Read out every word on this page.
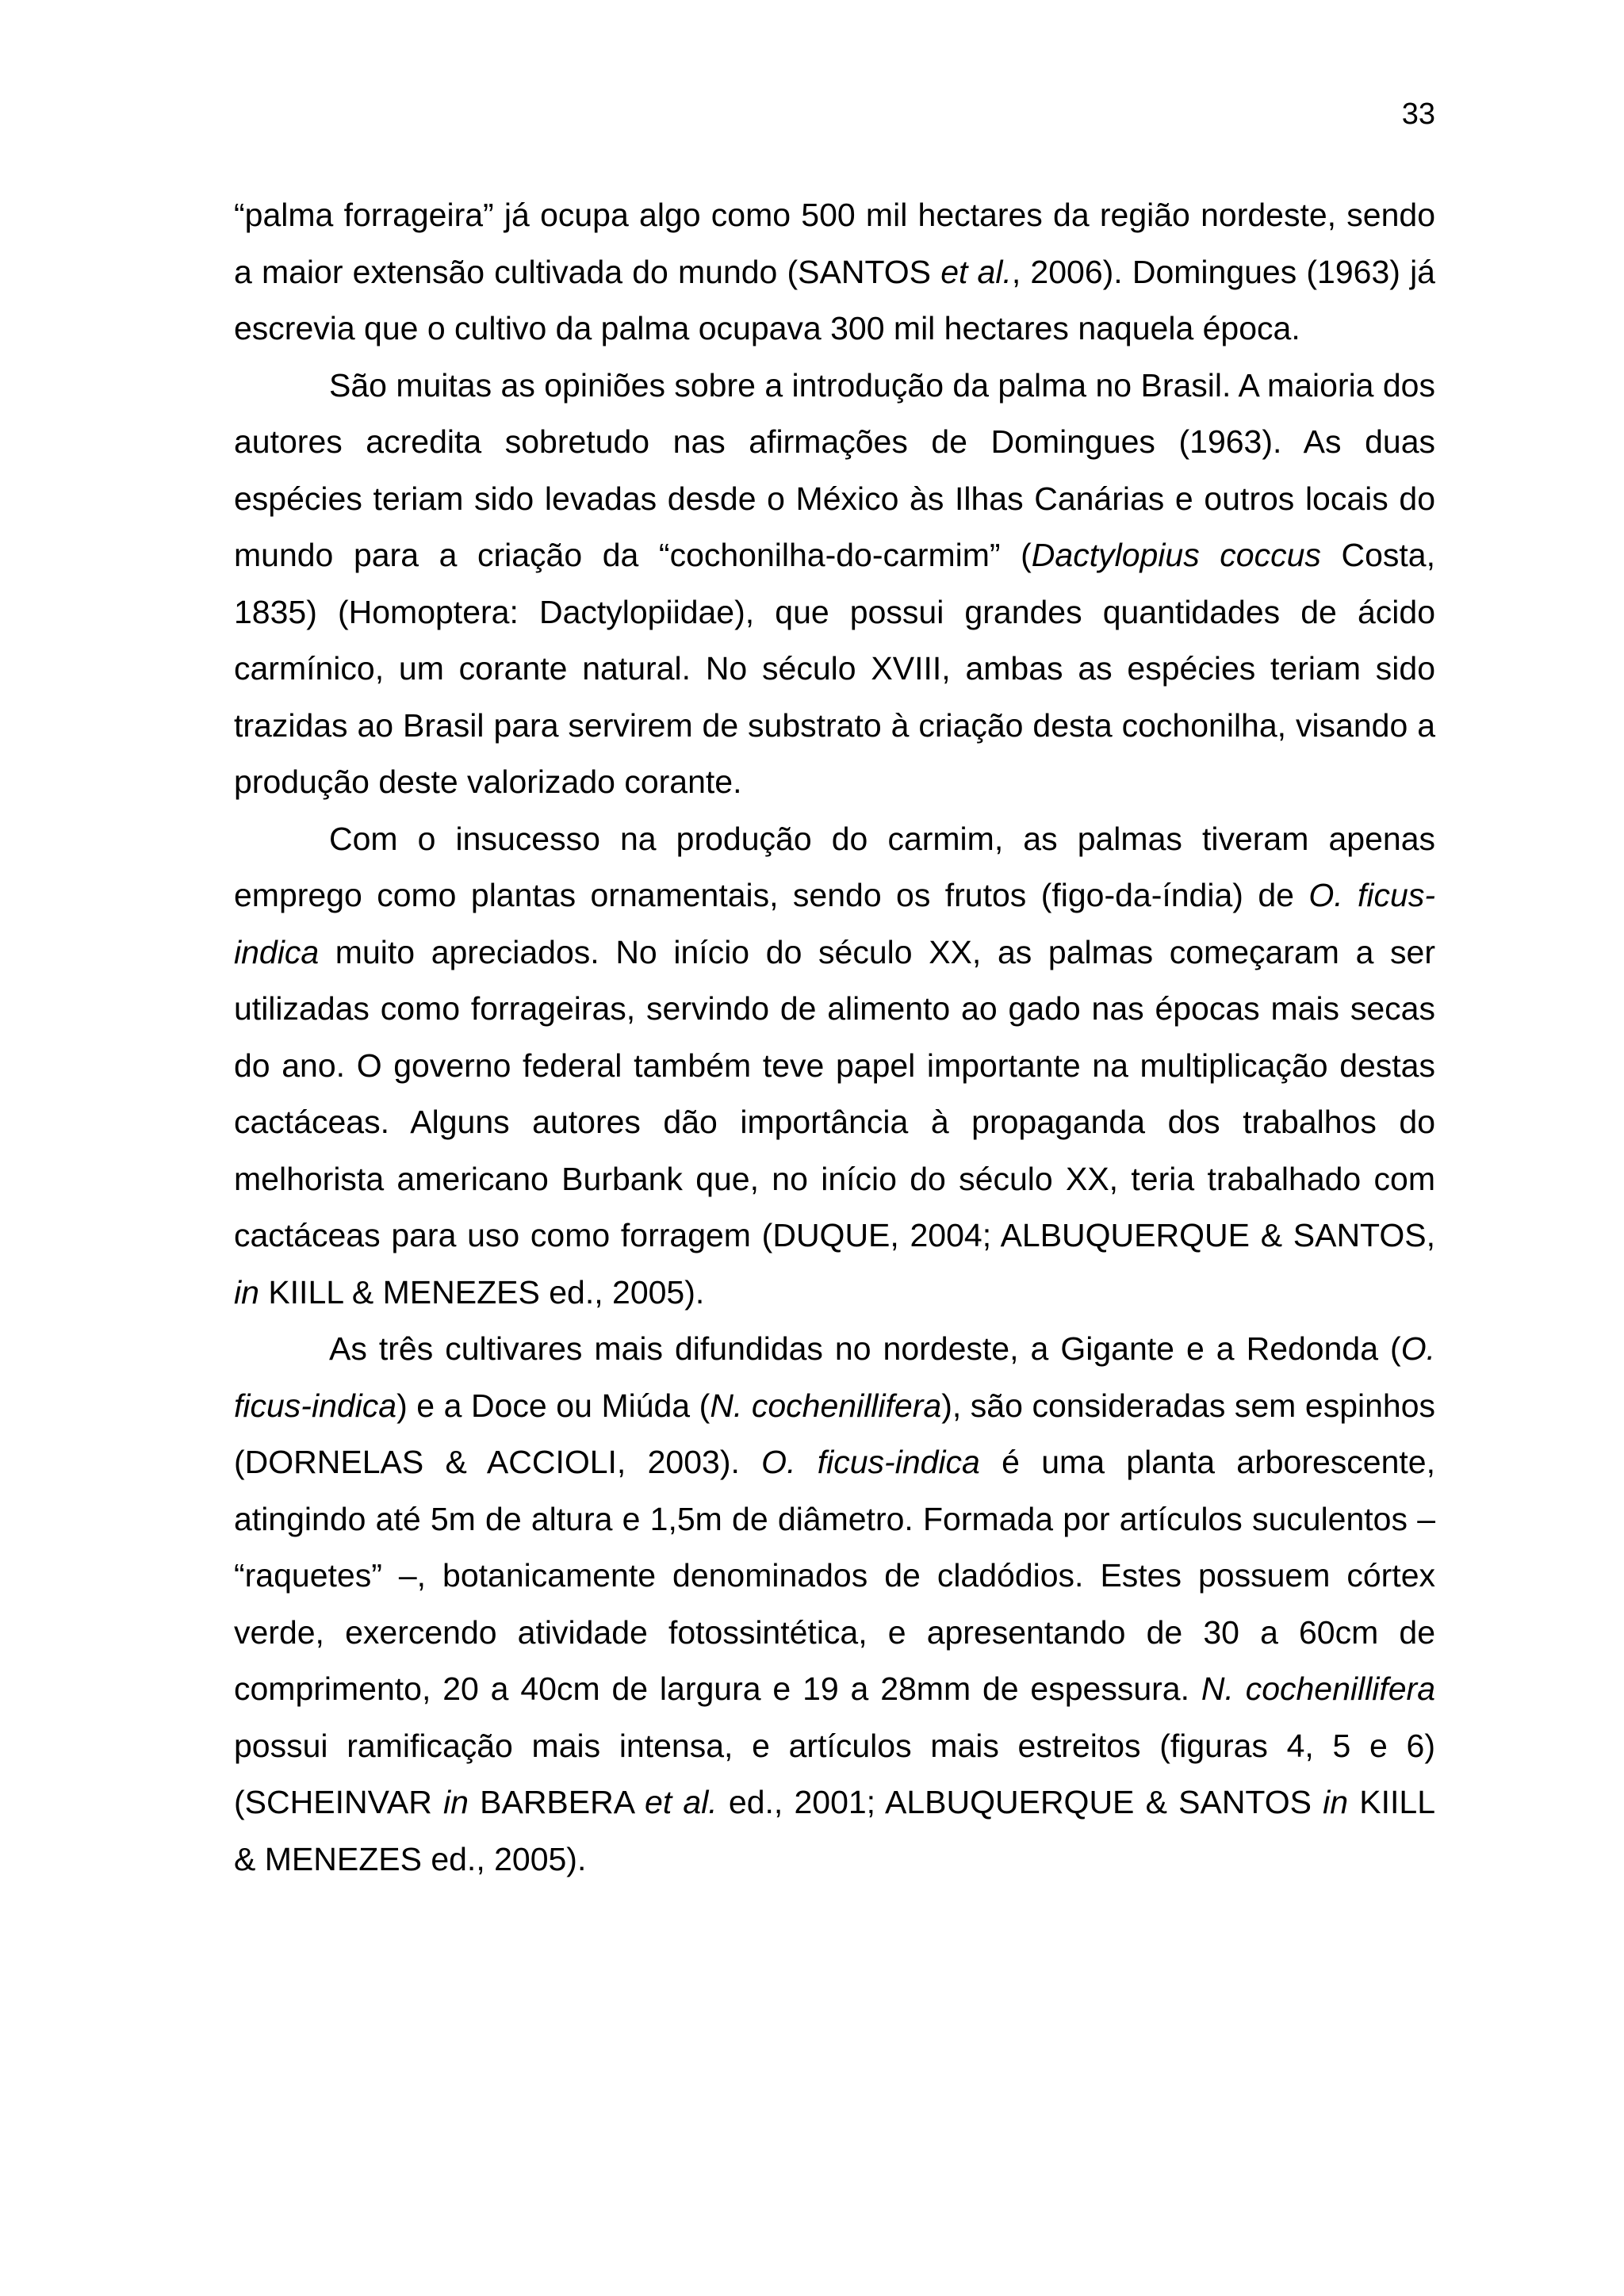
33

“palma forrageira” já ocupa algo como 500 mil hectares da região nordeste, sendo a maior extensão cultivada do mundo (SANTOS et al., 2006). Domingues (1963) já escrevia que o cultivo da palma ocupava 300 mil hectares naquela época.

São muitas as opiniões sobre a introdução da palma no Brasil. A maioria dos autores acredita sobretudo nas afirmações de Domingues (1963). As duas espécies teriam sido levadas desde o México às Ilhas Canárias e outros locais do mundo para a criação da “cochonilha-do-carmim” (Dactylopius coccus Costa, 1835) (Homoptera: Dactylopiidae), que possui grandes quantidades de ácido carmínico, um corante natural. No século XVIII, ambas as espécies teriam sido trazidas ao Brasil para servirem de substrato à criação desta cochonilha, visando a produção deste valorizado corante.

Com o insucesso na produção do carmim, as palmas tiveram apenas emprego como plantas ornamentais, sendo os frutos (figo-da-índia) de O. ficus-indica muito apreciados. No início do século XX, as palmas começaram a ser utilizadas como forrageiras, servindo de alimento ao gado nas épocas mais secas do ano. O governo federal também teve papel importante na multiplicação destas cactáceas. Alguns autores dão importância à propaganda dos trabalhos do melhorista americano Burbank que, no início do século XX, teria trabalhado com cactáceas para uso como forragem (DUQUE, 2004; ALBUQUERQUE & SANTOS, in KIILL & MENEZES ed., 2005).

As três cultivares mais difundidas no nordeste, a Gigante e a Redonda (O. ficus-indica) e a Doce ou Miúda (N. cochenillifera), são consideradas sem espinhos (DORNELAS & ACCIOLI, 2003). O. ficus-indica é uma planta arborescente, atingindo até 5m de altura e 1,5m de diâmetro. Formada por artículos suculentos – “raquetes” –, botanicamente denominados de cladódios. Estes possuem córtex verde, exercendo atividade fotossintética, e apresentando de 30 a 60cm de comprimento, 20 a 40cm de largura e 19 a 28mm de espessura. N. cochenillifera possui ramificação mais intensa, e artículos mais estreitos (figuras 4, 5 e 6) (SCHEINVAR in BARBERA et al. ed., 2001; ALBUQUERQUE & SANTOS in KIILL & MENEZES ed., 2005).
